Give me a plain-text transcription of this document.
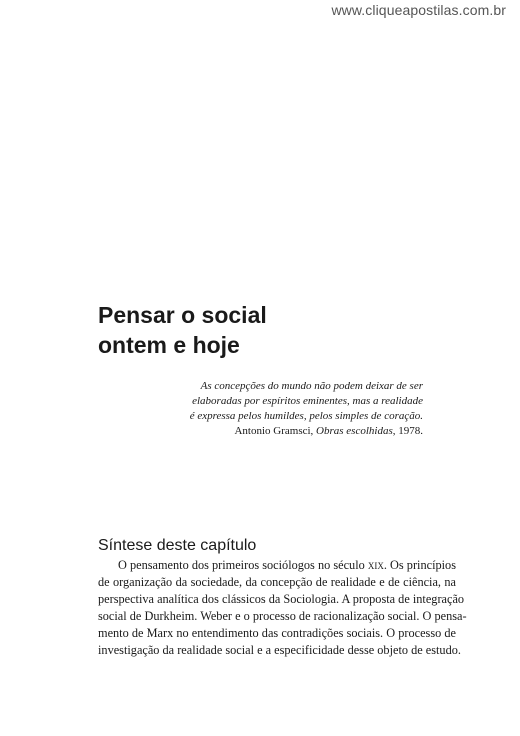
www.cliqueapostilas.com.br
Pensar o social
ontem e hoje
As concepções do mundo não podem deixar de ser
elaboradas por espíritos eminentes, mas a realidade
é expressa pelos humildes, pelos simples de coração.
Antonio Gramsci, Obras escolhidas, 1978.
Síntese deste capítulo
O pensamento dos primeiros sociólogos no século xix. Os princípios
de organização da sociedade, da concepção de realidade e de ciência, na
perspectiva analítica dos clássicos da Sociologia. A proposta de integração
social de Durkheim. Weber e o processo de racionalização social. O pensa-
mento de Marx no entendimento das contradições sociais. O processo de
investigação da realidade social e a especificidade desse objeto de estudo.
